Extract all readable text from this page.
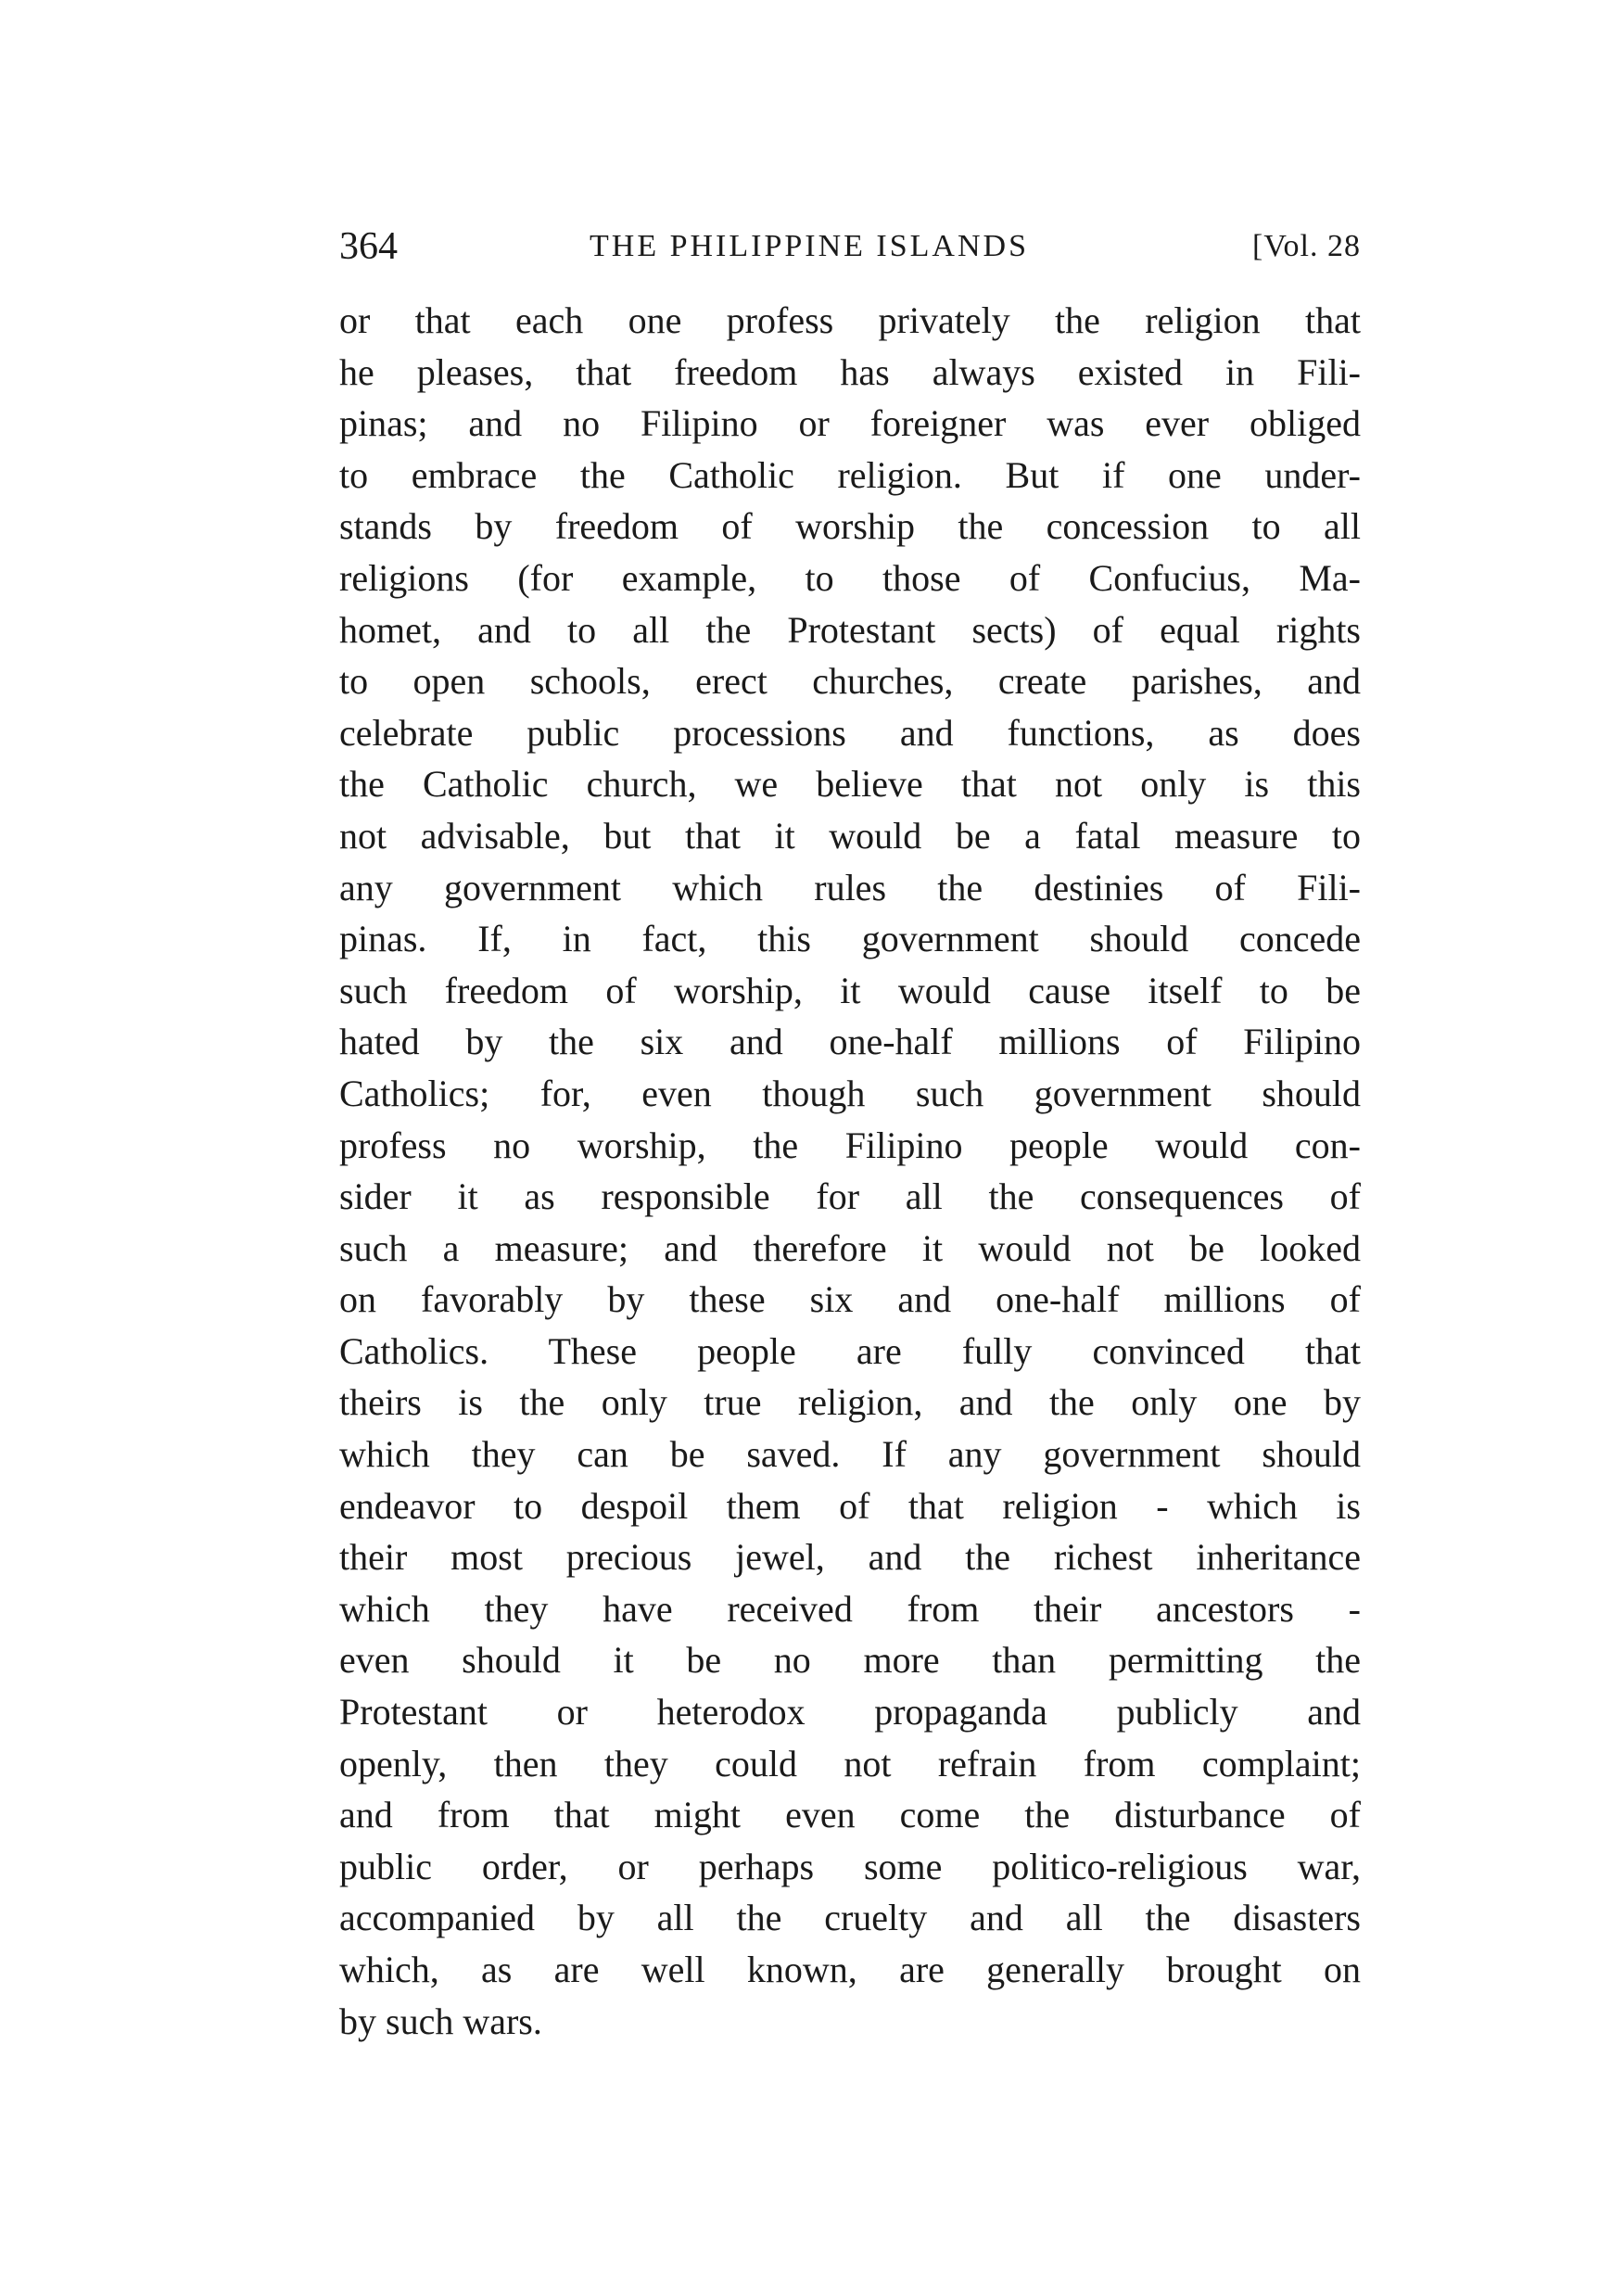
364	THE PHILIPPINE ISLANDS	[Vol. 28
or that each one profess privately the religion that
he pleases, that freedom has always existed in Fili-
pinas; and no Filipino or foreigner was ever obliged
to embrace the Catholic religion. But if one under-
stands by freedom of worship the concession to all
religions (for example, to those of Confucius, Ma-
homet, and to all the Protestant sects) of equal rights
to open schools, erect churches, create parishes, and
celebrate public processions and functions, as does
the Catholic church, we believe that not only is this
not advisable, but that it would be a fatal measure to
any government which rules the destinies of Fili-
pinas. If, in fact, this government should concede
such freedom of worship, it would cause itself to be
hated by the six and one-half millions of Filipino
Catholics; for, even though such government should
profess no worship, the Filipino people would con-
sider it as responsible for all the consequences of
such a measure; and therefore it would not be looked
on favorably by these six and one-half millions of
Catholics. These people are fully convinced that
theirs is the only true religion, and the only one by
which they can be saved. If any government should
endeavor to despoil them of that religion - which is
their most precious jewel, and the richest inheritance
which they have received from their ancestors -
even should it be no more than permitting the
Protestant or heterodox propaganda publicly and
openly, then they could not refrain from complaint;
and from that might even come the disturbance of
public order, or perhaps some politico-religious war,
accompanied by all the cruelty and all the disasters
which, as are well known, are generally brought on
by such wars.
